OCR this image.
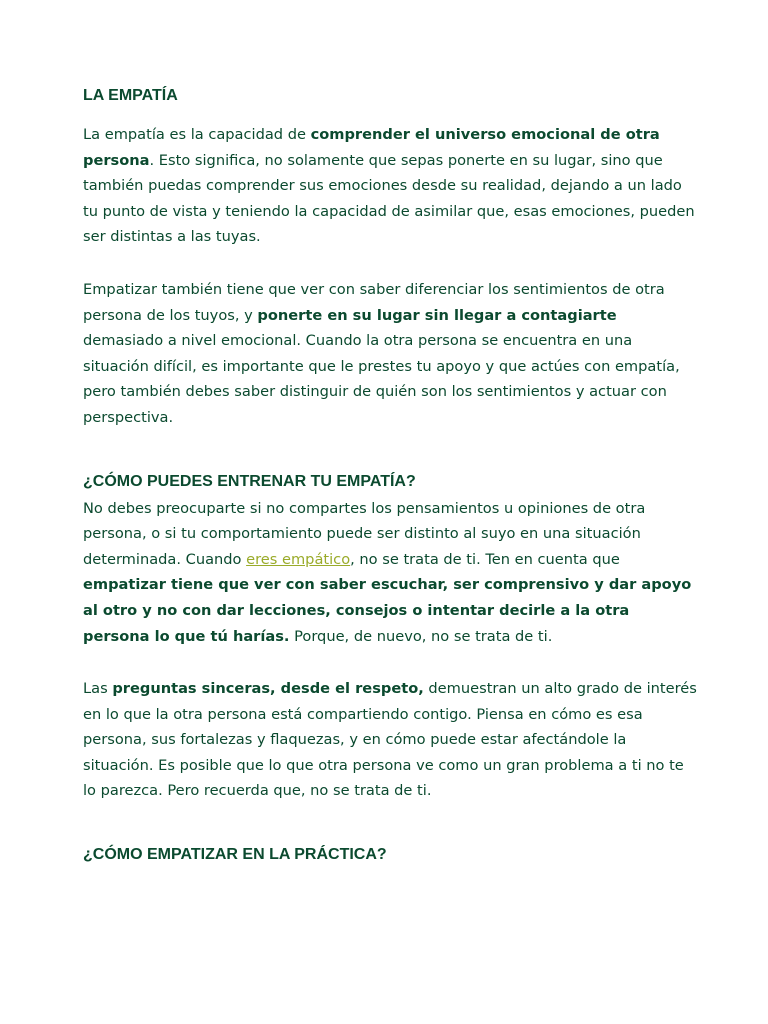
LA EMPATÍA

La empatía es la capacidad de comprender el universo emocional de otra persona. Esto significa, no solamente que sepas ponerte en su lugar, sino que también puedas comprender sus emociones desde su realidad, dejando a un lado tu punto de vista y teniendo la capacidad de asimilar que, esas emociones, pueden ser distintas a las tuyas.

Empatizar también tiene que ver con saber diferenciar los sentimientos de otra persona de los tuyos, y ponerte en su lugar sin llegar a contagiarte demasiado a nivel emocional. Cuando la otra persona se encuentra en una situación difícil, es importante que le prestes tu apoyo y que actúes con empatía, pero también debes saber distinguir de quién son los sentimientos y actuar con perspectiva.

¿CÓMO PUEDES ENTRENAR TU EMPATÍA?

No debes preocuparte si no compartes los pensamientos u opiniones de otra persona, o si tu comportamiento puede ser distinto al suyo en una situación determinada. Cuando eres empático, no se trata de ti. Ten en cuenta que empatizar tiene que ver con saber escuchar, ser comprensivo y dar apoyo al otro y no con dar lecciones, consejos o intentar decirle a la otra persona lo que tú harías. Porque, de nuevo, no se trata de ti.

Las preguntas sinceras, desde el respeto, demuestran un alto grado de interés en lo que la otra persona está compartiendo contigo. Piensa en cómo es esa persona, sus fortalezas y flaquezas, y en cómo puede estar afectándole la situación. Es posible que lo que otra persona ve como un gran problema a ti no te lo parezca. Pero recuerda que, no se trata de ti.

¿CÓMO EMPATIZAR EN LA PRÁCTICA?
